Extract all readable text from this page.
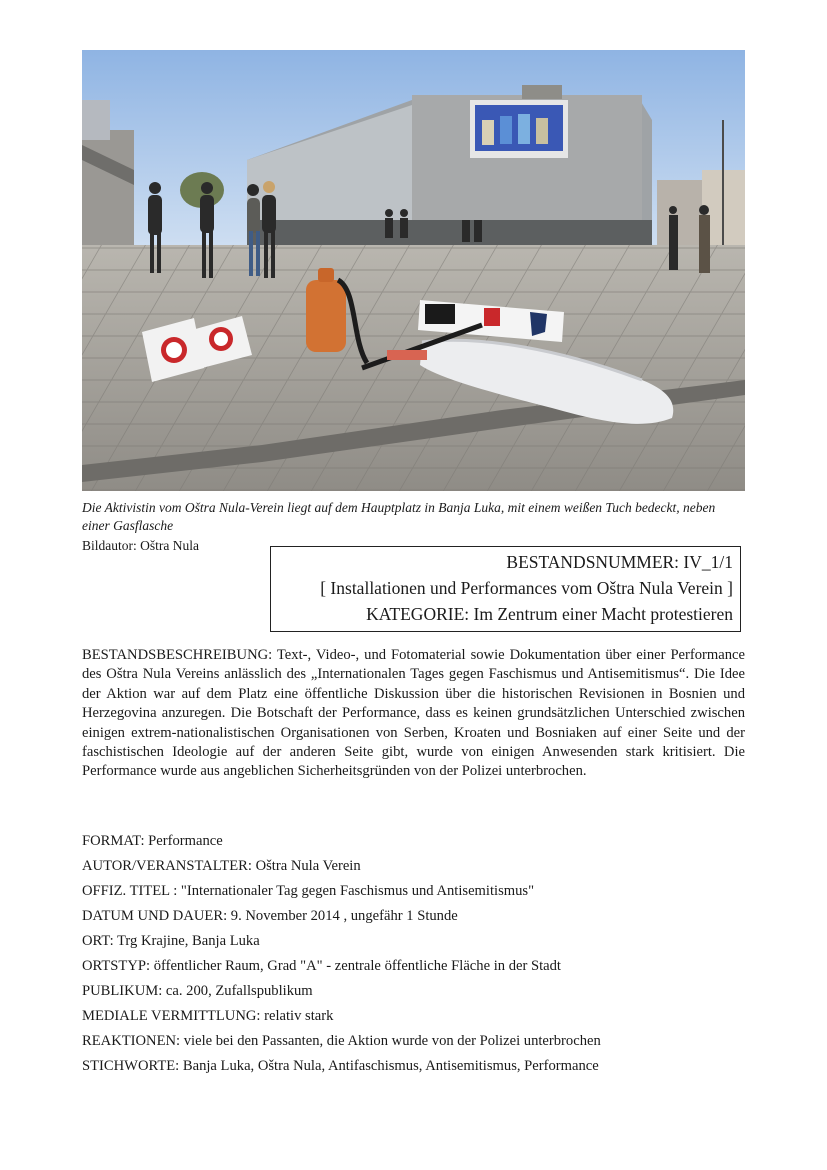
Die Aktivistin vom Oštra Nula-Verein liegt auf dem Hauptplatz in Banja Luka, mit einem weißen Tuch bedeckt, neben einer Gasflasche
Bildautor: Oštra Nula
BESTANDSNUMMER: IV_1/1
[ Installationen und Performances vom Oštra Nula Verein ]
KATEGORIE: Im Zentrum einer Macht protestieren
BESTANDSBESCHREIBUNG: Text-, Video-, und Fotomaterial sowie Dokumentation über einer Performance des Oštra Nula Vereins anlässlich des „Internationalen Tages gegen Faschismus und Antisemitismus“. Die Idee der Aktion war auf dem Platz eine öffentliche Diskussion über die historischen Revisionen in Bosnien und Herzegovina anzuregen. Die Botschaft der Performance, dass es keinen grundsätzlichen Unterschied zwischen einigen extrem-nationalistischen Organisationen von Serben, Kroaten und Bosniaken auf einer Seite und der faschistischen Ideologie auf der anderen Seite gibt, wurde von einigen Anwesenden stark kritisiert. Die Performance wurde aus angeblichen Sicherheitsgründen von der Polizei unterbrochen.
FORMAT: Performance
AUTOR/VERANSTALTER: Oštra Nula Verein
OFFIZ. TITEL : "Internationaler Tag gegen Faschismus und Antisemitismus"
DATUM UND DAUER: 9. November 2014 , ungefähr 1 Stunde
ORT: Trg Krajine, Banja Luka
ORTSTYP: öffentlicher Raum, Grad "A" - zentrale öffentliche Fläche in der Stadt
PUBLIKUM: ca. 200, Zufallspublikum
MEDIALE VERMITTLUNG: relativ stark
REAKTIONEN: viele bei den Passanten, die Aktion wurde von der Polizei unterbrochen
STICHWORTE: Banja Luka, Oštra Nula, Antifaschismus, Antisemitismus, Performance
